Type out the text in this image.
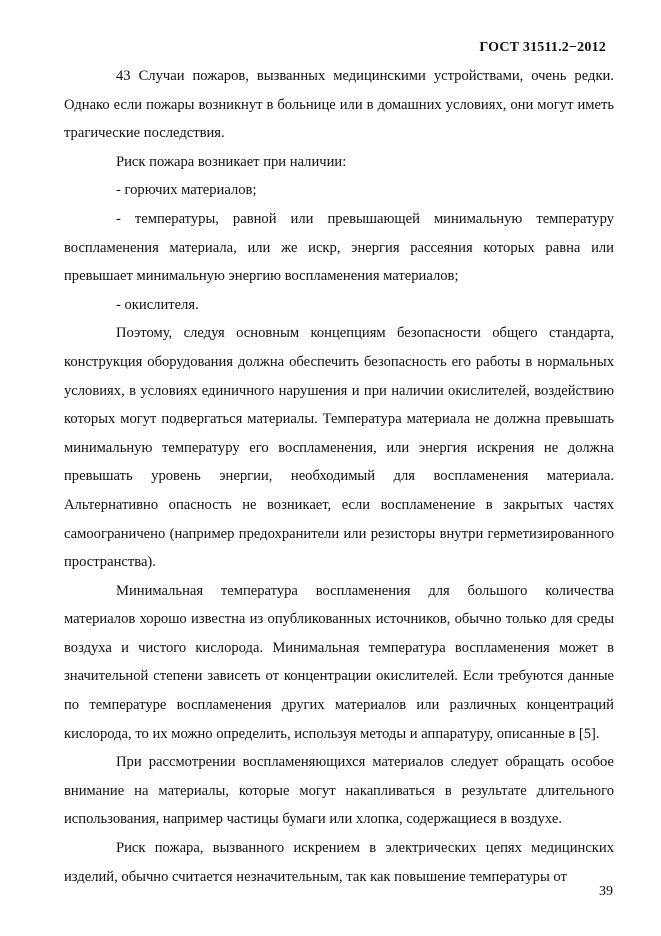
ГОСТ 31511.2−2012

43 Случаи пожаров, вызванных медицинскими устройствами, очень редки. Однако если пожары возникнут в больнице или в домашних условиях, они могут иметь трагические последствия.

Риск пожара возникает при наличии:

- горючих материалов;

- температуры, равной или превышающей минимальную температуру воспламенения материала, или же искр, энергия рассеяния которых равна или превышает минимальную энергию воспламенения материалов;

- окислителя.

Поэтому, следуя основным концепциям безопасности общего стандарта, конструкция оборудования должна обеспечить безопасность его работы в нормальных условиях, в условиях единичного нарушения и при наличии окислителей, воздействию которых могут подвергаться материалы. Температура материала не должна превышать минимальную температуру его воспламенения, или энергия искрения не должна превышать уровень энергии, необходимый для воспламенения материала. Альтернативно опасность не возникает, если воспламенение в закрытых частях самоограничено (например предохранители или резисторы внутри герметизированного пространства).

Минимальная температура воспламенения для большого количества материалов хорошо известна из опубликованных источников, обычно только для среды воздуха и чистого кислорода. Минимальная температура воспламенения может в значительной степени зависеть от концентрации окислителей. Если требуются данные по температуре воспламенения других материалов или различных концентраций кислорода, то их можно определить, используя методы и аппаратуру, описанные в [5].

При рассмотрении воспламеняющихся материалов следует обращать особое внимание на материалы, которые могут накапливаться в результате длительного использования, например частицы бумаги или хлопка, содержащиеся в воздухе.

Риск пожара, вызванного искрением в электрических цепях медицинских изделий, обычно считается незначительным, так как повышение температуры от

39
